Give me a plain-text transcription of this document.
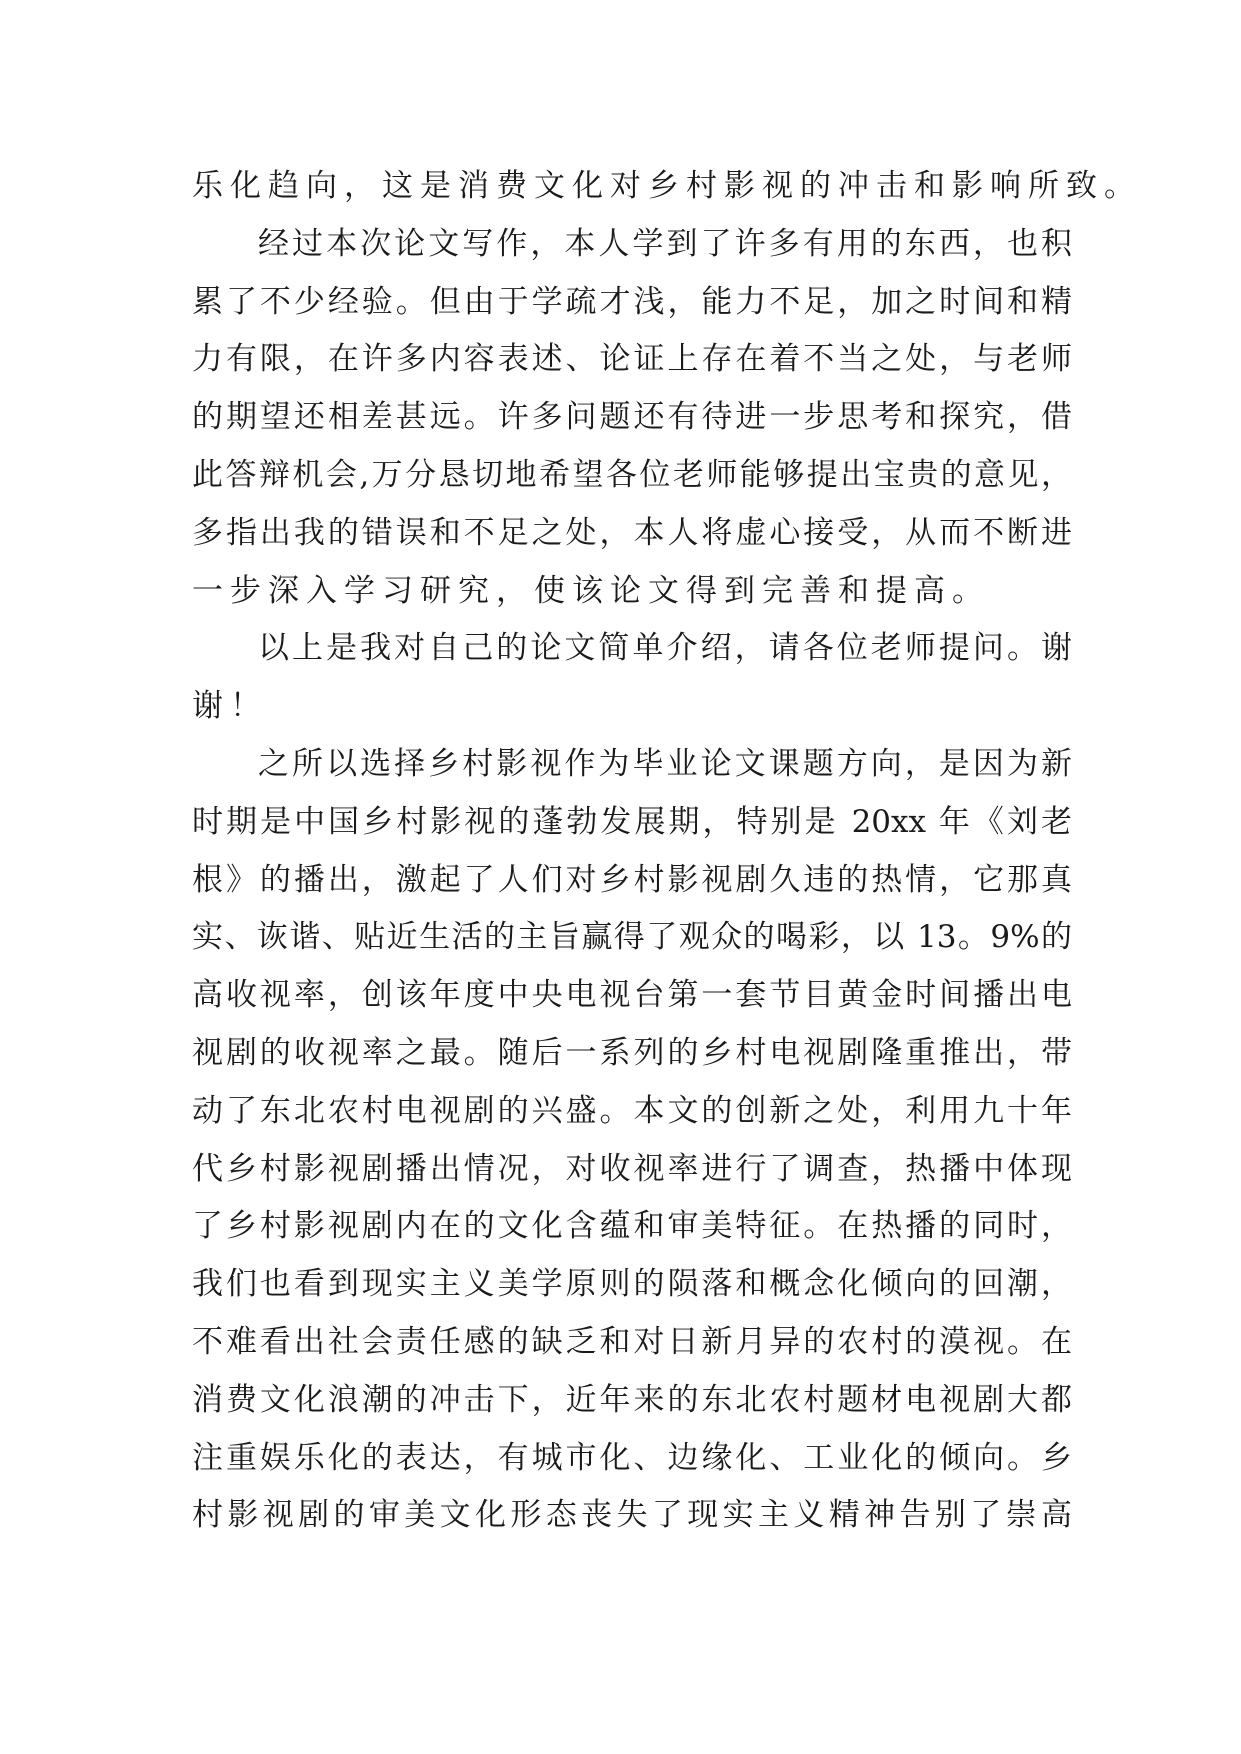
乐化趋向，这是消费文化对乡村影视的冲击和影响所致。
经过本次论文写作，本人学到了许多有用的东西，也积
累了不少经验。但由于学疏才浅，能力不足，加之时间和精
力有限，在许多内容表述、论证上存在着不当之处，与老师
的期望还相差甚远。许多问题还有待进一步思考和探究，借
此答辩机会,万分恳切地希望各位老师能够提出宝贵的意见，
多指出我的错误和不足之处，本人将虚心接受，从而不断进
一步深入学习研究，使该论文得到完善和提高。
以上是我对自己的论文简单介绍，请各位老师提问。谢
谢！
之所以选择乡村影视作为毕业论文课题方向，是因为新
时期是中国乡村影视的蓬勃发展期，特别是 20xx 年《刘老
根》的播出，激起了人们对乡村影视剧久违的热情，它那真
实、诙谐、贴近生活的主旨赢得了观众的喝彩，以 13。9%的
高收视率，创该年度中央电视台第一套节目黄金时间播出电
视剧的收视率之最。随后一系列的乡村电视剧隆重推出，带
动了东北农村电视剧的兴盛。本文的创新之处，利用九十年
代乡村影视剧播出情况，对收视率进行了调查，热播中体现
了乡村影视剧内在的文化含蕴和审美特征。在热播的同时，
我们也看到现实主义美学原则的陨落和概念化倾向的回潮，
不难看出社会责任感的缺乏和对日新月异的农村的漠视。在
消费文化浪潮的冲击下，近年来的东北农村题材电视剧大都
注重娱乐化的表达，有城市化、边缘化、工业化的倾向。乡
村影视剧的审美文化形态丧失了现实主义精神告别了崇高
